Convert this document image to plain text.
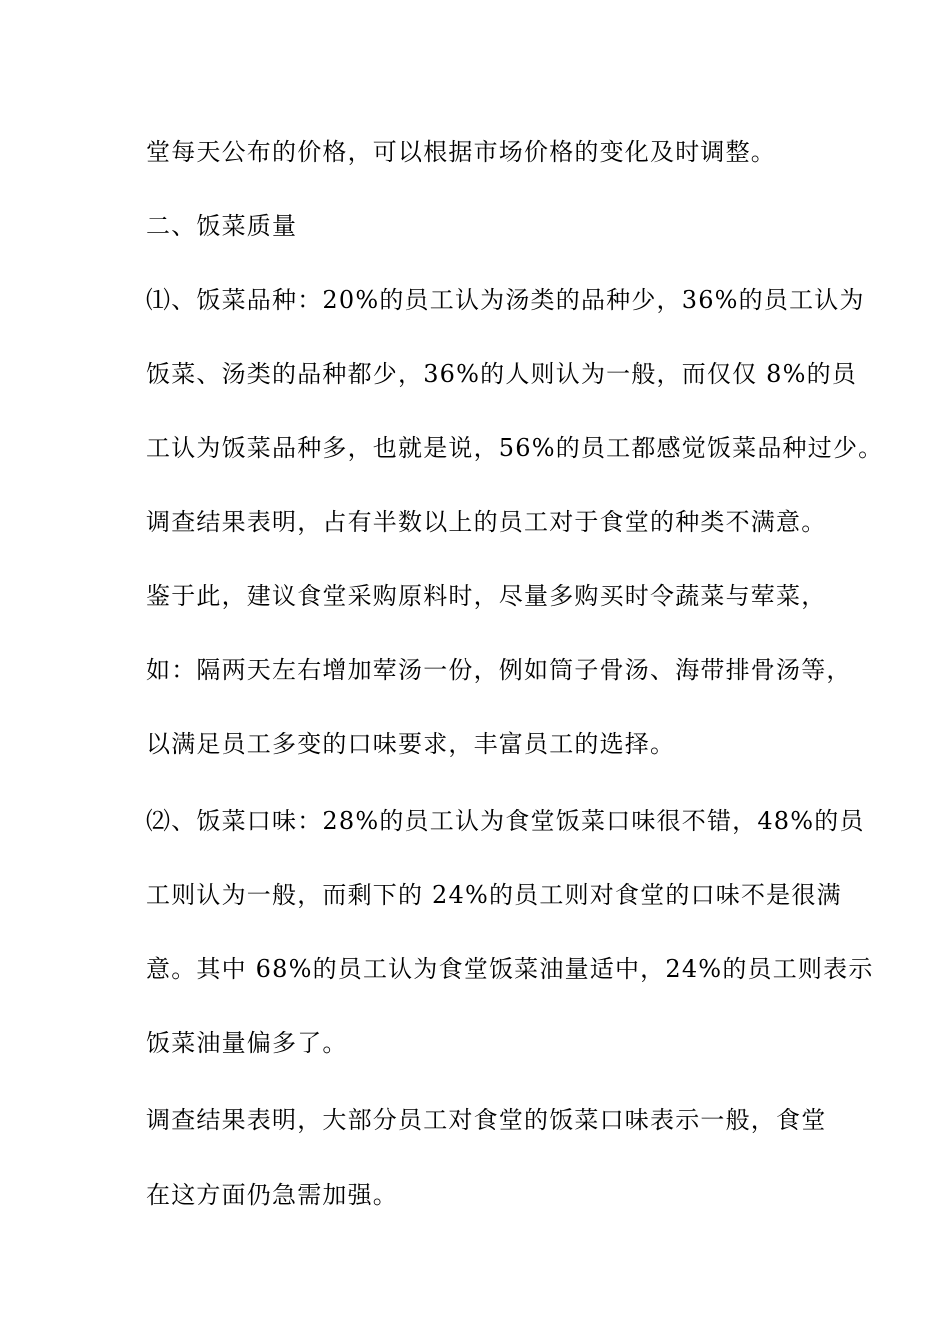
堂每天公布的价格，可以根据市场价格的变化及时调整。
二、饭菜质量
⑴、饭菜品种：20%的员工认为汤类的品种少，36%的员工认为
饭菜、汤类的品种都少，36%的人则认为一般，而仅仅 8%的员
工认为饭菜品种多，也就是说，56%的员工都感觉饭菜品种过少。
调查结果表明，占有半数以上的员工对于食堂的种类不满意。
鉴于此，建议食堂采购原料时，尽量多购买时令蔬菜与荤菜，
如：隔两天左右增加荤汤一份，例如筒子骨汤、海带排骨汤等，
以满足员工多变的口味要求，丰富员工的选择。
⑵、饭菜口味：28%的员工认为食堂饭菜口味很不错，48%的员
工则认为一般，而剩下的 24%的员工则对食堂的口味不是很满
意。其中 68%的员工认为食堂饭菜油量适中，24%的员工则表示
饭菜油量偏多了。
调查结果表明，大部分员工对食堂的饭菜口味表示一般，食堂
在这方面仍急需加强。
